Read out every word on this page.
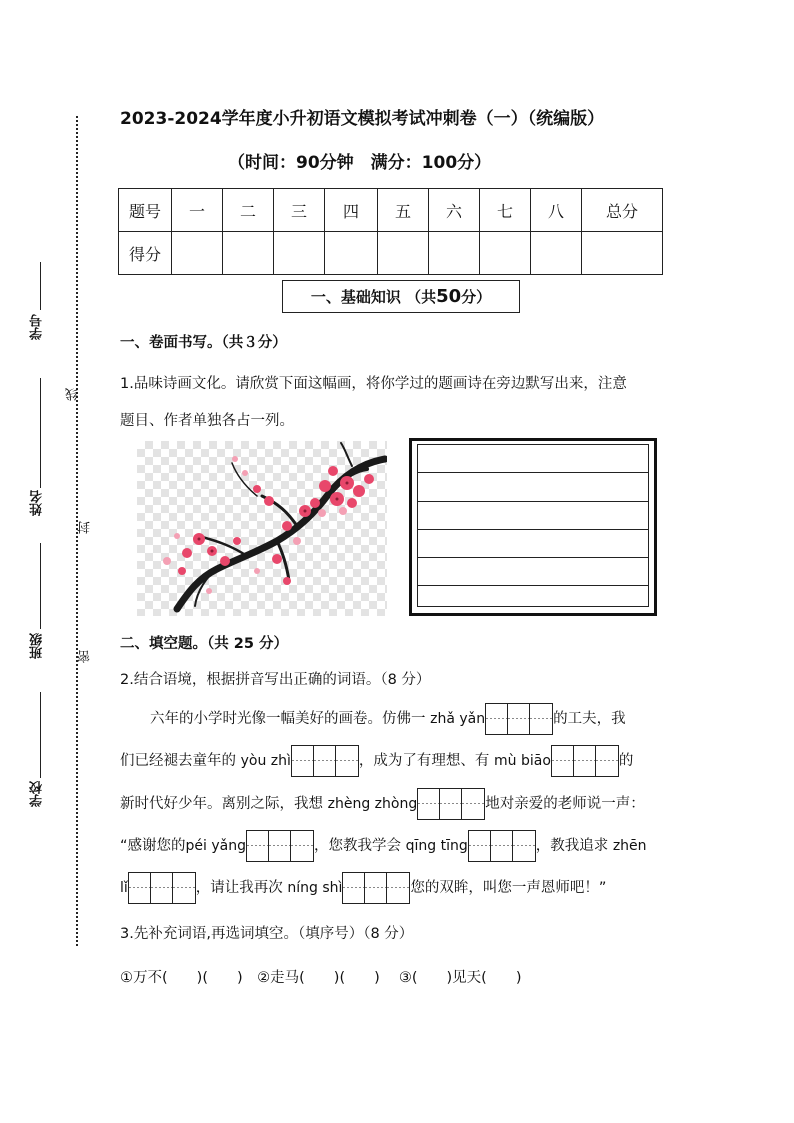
线
封
密
学号
姓名
班级
学校
2023-2024学年度小升初语文模拟考试冲刺卷（一）（统编版）
（时间：90分钟　满分：100分）
题号	一	二	三	四	五	六	七	八	总分
得分									
一、基础知识 （共 50 分）
一、卷面书写。（共３分）
1.品味诗画文化。请欣赏下面这幅画，将你学过的题画诗在旁边默写出来，注意
题目、作者单独各占一列。
二、填空题。（共 25 分）
2.结合语境，根据拼音写出正确的词语。（8 分）
六年的小学时光像一幅美好的画卷。仿佛一 zhǎ yǎn	的工夫，我
们已经褪去童年的 yòu zhì	，成为了有理想、有 mù biāo	的
新时代好少年。离别之际，我想 zhèng zhòng	地对亲爱的老师说一声：
“感谢您的péi yǎng	，您教我学会 qīng tīng	，教我追求 zhēn
lǐ	，请让我再次 níng shì	您的双眸，叫您一声恩师吧！”
3.先补充词语,再选词填空。（填序号）（8 分）
①万不(　　)(　　)　②走马(　　)(　　)　 ③(　　)见天(　　)
